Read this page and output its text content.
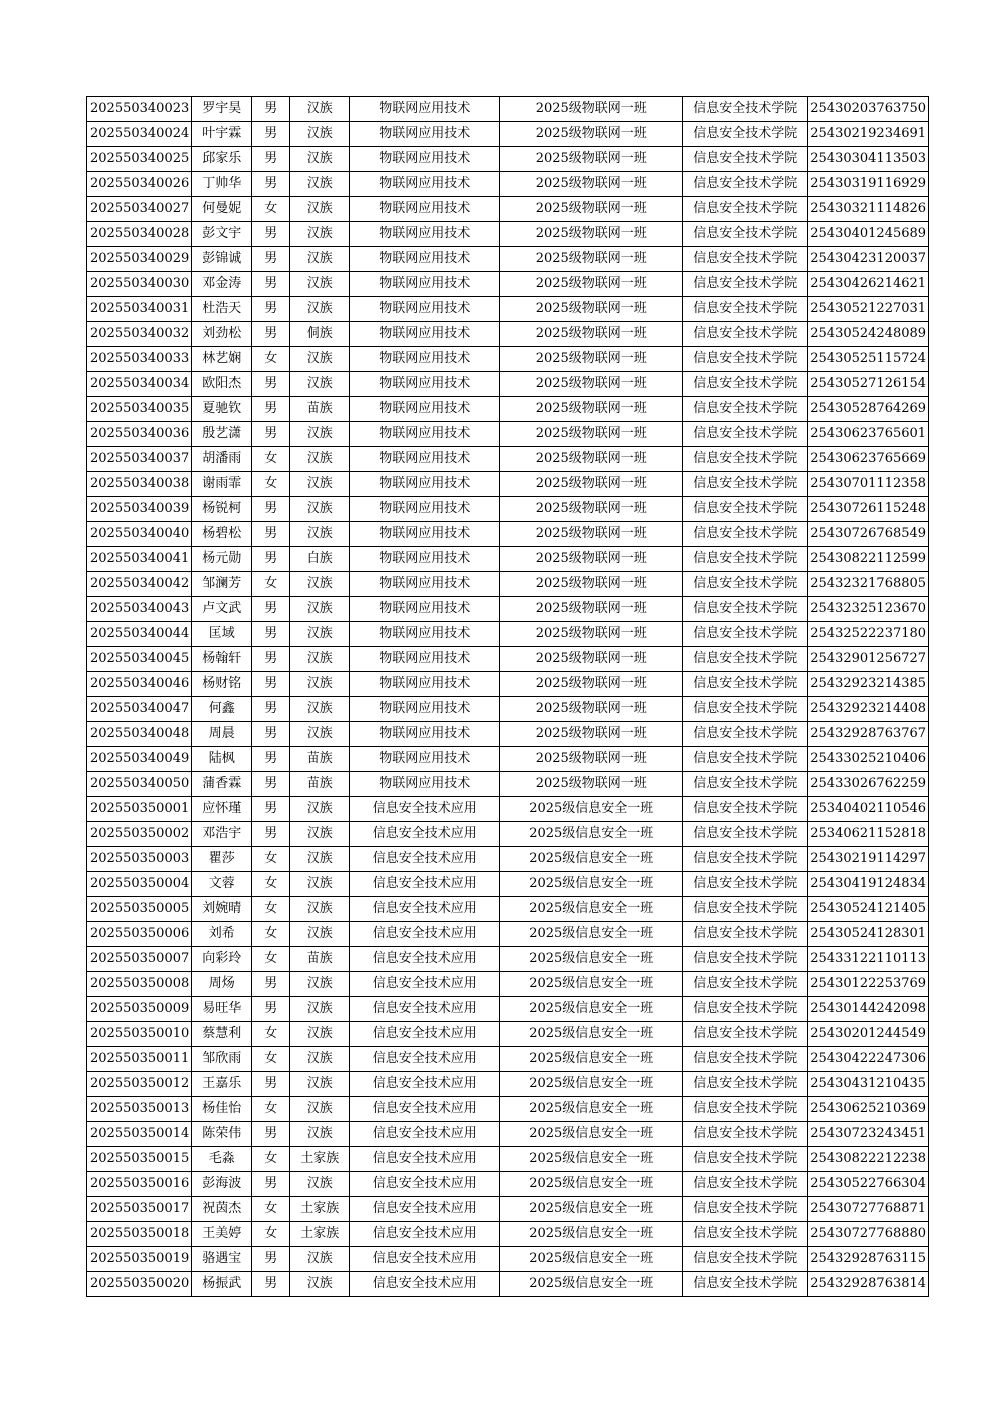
202550340023	罗宇昊	男	汉族	物联网应用技术	2025级物联网一班	信息安全技术学院	25430203763750
202550340024	叶宇霖	男	汉族	物联网应用技术	2025级物联网一班	信息安全技术学院	25430219234691
202550340025	邱家乐	男	汉族	物联网应用技术	2025级物联网一班	信息安全技术学院	25430304113503
202550340026	丁帅华	男	汉族	物联网应用技术	2025级物联网一班	信息安全技术学院	25430319116929
202550340027	何曼妮	女	汉族	物联网应用技术	2025级物联网一班	信息安全技术学院	25430321114826
202550340028	彭文宇	男	汉族	物联网应用技术	2025级物联网一班	信息安全技术学院	25430401245689
202550340029	彭锦诚	男	汉族	物联网应用技术	2025级物联网一班	信息安全技术学院	25430423120037
202550340030	邓金涛	男	汉族	物联网应用技术	2025级物联网一班	信息安全技术学院	25430426214621
202550340031	杜浩天	男	汉族	物联网应用技术	2025级物联网一班	信息安全技术学院	25430521227031
202550340032	刘劲松	男	侗族	物联网应用技术	2025级物联网一班	信息安全技术学院	25430524248089
202550340033	林艺娴	女	汉族	物联网应用技术	2025级物联网一班	信息安全技术学院	25430525115724
202550340034	欧阳杰	男	汉族	物联网应用技术	2025级物联网一班	信息安全技术学院	25430527126154
202550340035	夏驰钦	男	苗族	物联网应用技术	2025级物联网一班	信息安全技术学院	25430528764269
202550340036	殷艺潇	男	汉族	物联网应用技术	2025级物联网一班	信息安全技术学院	25430623765601
202550340037	胡潘雨	女	汉族	物联网应用技术	2025级物联网一班	信息安全技术学院	25430623765669
202550340038	谢雨霏	女	汉族	物联网应用技术	2025级物联网一班	信息安全技术学院	25430701112358
202550340039	杨锐柯	男	汉族	物联网应用技术	2025级物联网一班	信息安全技术学院	25430726115248
202550340040	杨碧松	男	汉族	物联网应用技术	2025级物联网一班	信息安全技术学院	25430726768549
202550340041	杨元勋	男	白族	物联网应用技术	2025级物联网一班	信息安全技术学院	25430822112599
202550340042	邹澜芳	女	汉族	物联网应用技术	2025级物联网一班	信息安全技术学院	25432321768805
202550340043	卢文武	男	汉族	物联网应用技术	2025级物联网一班	信息安全技术学院	25432325123670
202550340044	匡域	男	汉族	物联网应用技术	2025级物联网一班	信息安全技术学院	25432522237180
202550340045	杨翰轩	男	汉族	物联网应用技术	2025级物联网一班	信息安全技术学院	25432901256727
202550340046	杨财铭	男	汉族	物联网应用技术	2025级物联网一班	信息安全技术学院	25432923214385
202550340047	何鑫	男	汉族	物联网应用技术	2025级物联网一班	信息安全技术学院	25432923214408
202550340048	周晨	男	汉族	物联网应用技术	2025级物联网一班	信息安全技术学院	25432928763767
202550340049	陆枫	男	苗族	物联网应用技术	2025级物联网一班	信息安全技术学院	25433025210406
202550340050	蒲香霖	男	苗族	物联网应用技术	2025级物联网一班	信息安全技术学院	25433026762259
202550350001	应怀瑾	男	汉族	信息安全技术应用	2025级信息安全一班	信息安全技术学院	25340402110546
202550350002	邓浩宇	男	汉族	信息安全技术应用	2025级信息安全一班	信息安全技术学院	25340621152818
202550350003	瞿莎	女	汉族	信息安全技术应用	2025级信息安全一班	信息安全技术学院	25430219114297
202550350004	文蓉	女	汉族	信息安全技术应用	2025级信息安全一班	信息安全技术学院	25430419124834
202550350005	刘婉晴	女	汉族	信息安全技术应用	2025级信息安全一班	信息安全技术学院	25430524121405
202550350006	刘希	女	汉族	信息安全技术应用	2025级信息安全一班	信息安全技术学院	25430524128301
202550350007	向彩玲	女	苗族	信息安全技术应用	2025级信息安全一班	信息安全技术学院	25433122110113
202550350008	周炀	男	汉族	信息安全技术应用	2025级信息安全一班	信息安全技术学院	25430122253769
202550350009	易旺华	男	汉族	信息安全技术应用	2025级信息安全一班	信息安全技术学院	25430144242098
202550350010	蔡慧利	女	汉族	信息安全技术应用	2025级信息安全一班	信息安全技术学院	25430201244549
202550350011	邹欣雨	女	汉族	信息安全技术应用	2025级信息安全一班	信息安全技术学院	25430422247306
202550350012	王嘉乐	男	汉族	信息安全技术应用	2025级信息安全一班	信息安全技术学院	25430431210435
202550350013	杨佳怡	女	汉族	信息安全技术应用	2025级信息安全一班	信息安全技术学院	25430625210369
202550350014	陈荣伟	男	汉族	信息安全技术应用	2025级信息安全一班	信息安全技术学院	25430723243451
202550350015	毛淼	女	土家族	信息安全技术应用	2025级信息安全一班	信息安全技术学院	25430822212238
202550350016	彭海波	男	汉族	信息安全技术应用	2025级信息安全一班	信息安全技术学院	25430522766304
202550350017	祝茵杰	女	土家族	信息安全技术应用	2025级信息安全一班	信息安全技术学院	25430727768871
202550350018	王美婷	女	土家族	信息安全技术应用	2025级信息安全一班	信息安全技术学院	25430727768880
202550350019	骆遇宝	男	汉族	信息安全技术应用	2025级信息安全一班	信息安全技术学院	25432928763115
202550350020	杨振武	男	汉族	信息安全技术应用	2025级信息安全一班	信息安全技术学院	25432928763814
